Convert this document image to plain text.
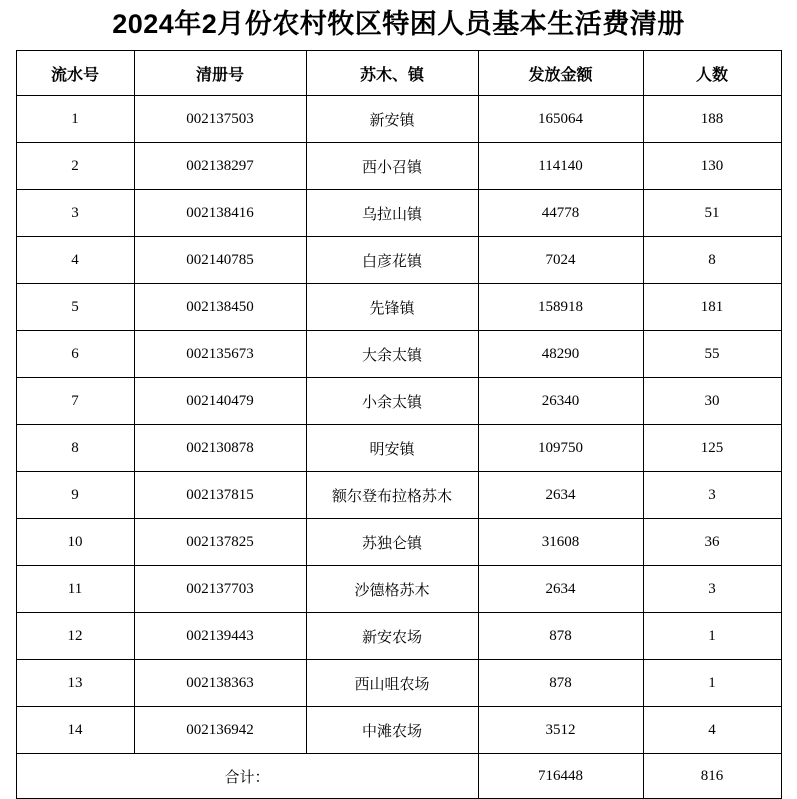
2024年2月份农村牧区特困人员基本生活费清册
流水号	清册号	苏木、镇	发放金额	人数
1	002137503	新安镇	165064	188
2	002138297	西小召镇	114140	130
3	002138416	乌拉山镇	44778	51
4	002140785	白彦花镇	7024	8
5	002138450	先锋镇	158918	181
6	002135673	大余太镇	48290	55
7	002140479	小余太镇	26340	30
8	002130878	明安镇	109750	125
9	002137815	额尔登布拉格苏木	2634	3
10	002137825	苏独仑镇	31608	36
11	002137703	沙德格苏木	2634	3
12	002139443	新安农场	878	1
13	002138363	西山咀农场	878	1
14	002136942	中滩农场	3512	4
合计：			716448	816
